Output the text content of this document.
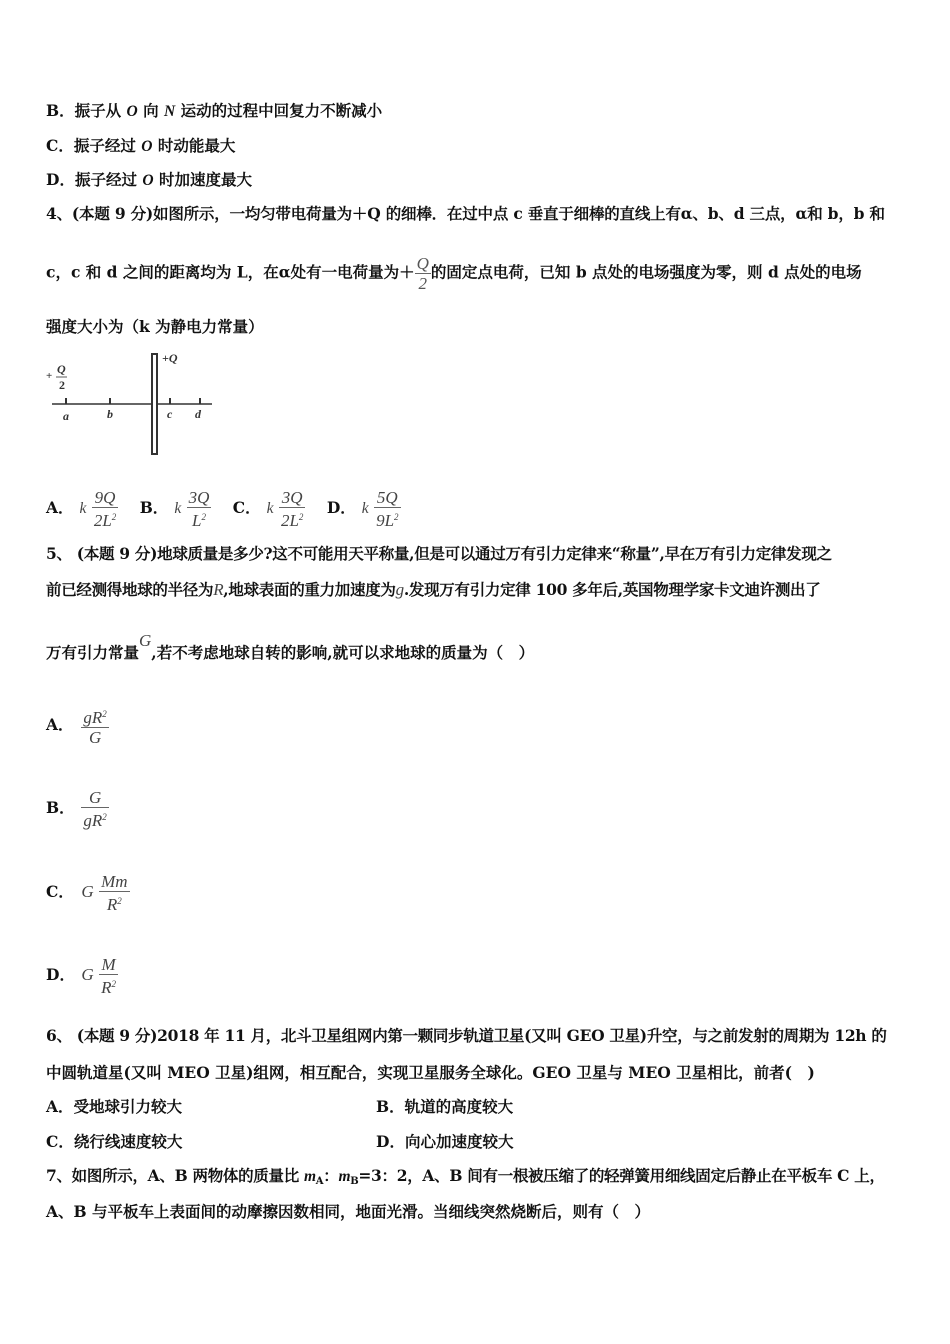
B．振子从 O 向 N 运动的过程中回复力不断减小
C．振子经过 O 时动能最大
D．振子经过 O 时加速度最大
4、(本题 9 分)如图所示，一均匀带电荷量为＋Q 的细棒．在过中点 c 垂直于细棒的直线上有α、b、d 三点，α和 b，b 和
c，c 和 d 之间的距离均为 L，在α处有一电荷量为＋ $\frac{Q}{2}$ 的固定点电荷，已知 b 点处的电场强度为零，则 d 点处的电场
强度大小为（k 为静电力常量）
+ Q
2
+Q
a	b	c d
A． k $\frac{9Q}{2L^2}$ B． k $\frac{3Q}{L^2}$ C． k $\frac{3Q}{2L^2}$ D． k $\frac{5Q}{9L^2}$
5、 (本题 9 分)地球质量是多少?这不可能用天平称量,但是可以通过万有引力定律来“称量”,早在万有引力定律发现之
前已经测得地球的半径为R,地球表面的重力加速度为g.发现万有引力定律 100 多年后,英国物理学家卡文迪许测出了
万有引力常量G,若不考虑地球自转的影响,就可以求地球的质量为（　）
A． $\frac{gR^2}{G}$
B． $\frac{G}{gR^2}$
C． G $\frac{Mm}{R^2}$
D． G $\frac{M}{R^2}$
6、 (本题 9 分)2018 年 11 月，北斗卫星组网内第一颗同步轨道卫星(又叫 GEO 卫星)升空，与之前发射的周期为 12h 的
中圆轨道星(又叫 MEO 卫星)组网，相互配合，实现卫星服务全球化。GEO 卫星与 MEO 卫星相比，前者(　)
A．受地球引力较大	B．轨道的高度较大
C．绕行线速度较大	D．向心加速度较大
7、如图所示，A、B 两物体的质量比 $m_A$：$m_B=3$：2，A、B 间有一根被压缩了的轻弹簧用细线固定后静止在平板车 C 上，
A、B 与平板车上表面间的动摩擦因数相同，地面光滑。当细线突然烧断后，则有（　）
